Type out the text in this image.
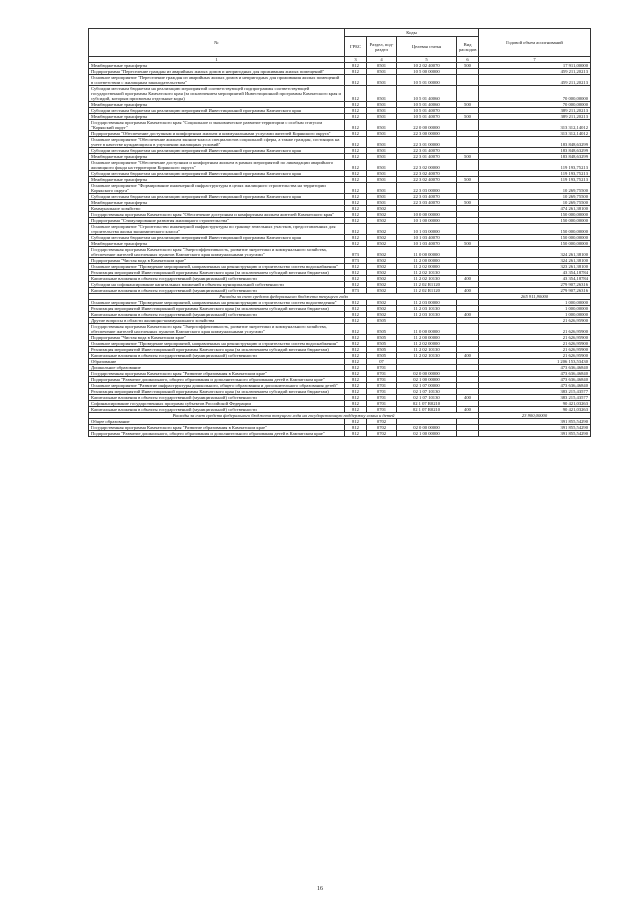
№	Коды				Годовой объем ассигнований
	ГРБС	Раздел, под-раздел	Целевая статья	Вид расходов	
1	3	4	5	6	7
Межбюджетные трансферты	812	0501	10 2 02 40070	500	17 911,00000
Подпрограмма "Переселение граждан из аварийных жилых домов и непригодных для проживания жилых помещений"	812	0501	10 5 00 00000		459 211,20213
Основное мероприятие "Переселение граждан из аварийных жилых домов и непригодных для проживания жилых помещений в соответствии с жилищным законодательством"	812	0501	10 5 01 00000		459 211,20213
Субсидии местным бюджетам на реализацию мероприятий соответствующей подпрограммы соответствующей государственной программы Камчатского края (за исключением мероприятий Инвестиционной программы Камчатского края и субсидий, которым присвоены отдельные коды)	812	0501	10 5 01 40060		70 000,00000
Межбюджетные трансферты	812	0501	10 5 01 40060	500	70 000,00000
Субсидии местным бюджетам на реализацию мероприятий Инвестиционной программы Камчатского края	812	0501	10 5 01 40070		389 211,20213
Межбюджетные трансферты	812	0501	10 5 01 40070	500	389 211,20213
Государственная программа Камчатского края "Социальное и экономическое развитие территории с особым статусом "Корякский округ"	812	0501	22 0 00 00000		313 312,14012
Подпрограмма "Обеспечение доступным и комфортным жильем и коммунальными услугами жителей Корякского округа"	812	0501	22 3 00 00000		313 312,14012
Основное мероприятие "Обеспечение жильем эконом-класса специалистов социальной сферы, а также граждан, состоящих на учете в качестве нуждающихся в улучшении жилищных условий"	812	0501	22 3 01 00000		183 848,63299
Субсидии местным бюджетам на реализацию мероприятий Инвестиционной программы Камчатского края	812	0501	22 3 01 40070		183 848,63299
Межбюджетные трансферты	812	0501	22 3 01 40070	500	183 848,63299
Основное мероприятие "Обеспечение доступным и комфортным жильем в рамках мероприятий по ликвидации аварийного жилищного фонда на территории Корякского округа"	812	0501	22 3 02 00000		119 193,75213
Субсидии местным бюджетам на реализацию мероприятий Инвестиционной программы Камчатского края	812	0501	22 3 02 40070		119 193,75213
Межбюджетные трансферты	812	0501	22 3 02 40070	500	119 193,75213
Основное мероприятие "Формирование инженерной инфраструктуры в целях жилищного строительства на территории Корякского округа"	812	0501	22 3 03 00000		10 269,75500
Субсидии местным бюджетам на реализацию мероприятий Инвестиционной программы Камчатского края	812	0501	22 3 03 40070		10 269,75500
Межбюджетные трансферты	812	0501	22 3 03 40070	500	10 269,75500
Коммунальное хозяйство	812	0502			474 261,38100
Государственная программа Камчатского края "Обеспечение доступным и комфортным жильем жителей Камчатского края"	812	0502	10 0 00 00000		150 000,00000
Подпрограмма "Стимулирование развития жилищного строительства"	812	0502	10 1 00 00000		150 000,00000
Основное мероприятие "Строительство инженерной инфраструктуры по границе земельных участков, предоставленных для строительства жилья экономического класса"	812	0502	10 1 03 00000		150 000,00000
Субсидии местным бюджетам на реализацию мероприятий Инвестиционной программы Камчатского края	812	0502	10 1 03 40070		150 000,00000
Межбюджетные трансферты	812	0502	10 1 03 40070	500	150 000,00000
Государственная программа Камчатского края "Энергоэффективность, развитие энергетики и коммунального хозяйства, обеспечение жителей населенных пунктов Камчатского края коммунальными услугами"	873	0502	11 0 00 00000		324 261,38100
Подпрограмма "Чистая вода в Камчатском крае"	873	0502	11 2 00 00000		324 261,38100
Основное мероприятие "Проведение мероприятий, направленных на реконструкцию и строительство систем водоснабжения"	812	0502	11 2 02 00000		323 261,38100
Реализация мероприятий Инвестиционной программы Камчатского края (за исключением субсидий местным бюджетам)	812	0502	11 2 02 10130		43 354,18784
Капитальные вложения в объекты государственной (муниципальной) собственности	812	0502	11 2 02 10130	400	43 354,18784
Субсидии на софинансирование капитальных вложений в объекты муниципальной собственности	812	0502	11 2 02 R1120		279 907,26316
Капитальные вложения в объекты государственной (муниципальной) собственности	873	0502	11 2 02 R1120	400	279 907,26316
Расходы за счет средств федерального бюджета текущего года					265 911,90000
Основное мероприятие "Проведение мероприятий, направленных на реконструкцию и строительство систем водоотведения"	812	0502	11 2 03 00000		1 000,00000
Реализация мероприятий Инвестиционной программы Камчатского края (за исключением субсидий местным бюджетам)	812	0502	11 2 03 10130		1 000,00000
Капитальные вложения в объекты государственной (муниципальной) собственности	812	0502	11 2 03 10130	400	1 000,00000
Другие вопросы в области жилищно-коммунального хозяйства	812	0505			21 626,95900
Государственная программа Камчатского края "Энергоэффективность, развитие энергетики и коммунального хозяйства, обеспечение жителей населенных пунктов Камчатского края коммунальными услугами"	812	0505	11 0 00 00000		21 626,95900
Подпрограмма "Чистая вода в Камчатском крае"	812	0505	11 2 00 00000		21 626,95900
Основное мероприятие "Проведение мероприятий, направленных на реконструкцию и строительство систем водоснабжения"	812	0505	11 2 02 00000		21 626,95900
Реализация мероприятий Инвестиционной программы Камчатского края (за исключением субсидий местным бюджетам)	812	0505	11 2 02 10130		21 626,95900
Капитальные вложения в объекты государственной (муниципальной) собственности	812	0505	11 2 02 10130	400	21 626,95900
Образование	812	07			1 206 153,53430
Дошкольное образование	812	0701			473 636,46840
Государственная программа Камчатского края "Развитие образования в Камчатском крае"	812	0701	02 0 00 00000		473 636,46840
Подпрограмма "Развитие дошкольного, общего образования и дополнительного образования детей в Камчатском крае"	812	0701	02 1 00 00000		473 636,46840
Основное мероприятие "Развитие инфраструктуры дошкольного, общего образования и дополнительного образования детей"	812	0701	02 1 07 00000		473 636,46840
Реализация мероприятий Инвестиционной программы Камчатского края (за исключением субсидий местным бюджетам)	812	0701	02 1 07 10130		383 215,43577
Капитальные вложения в объекты государственной (муниципальной) собственности	812	0701	02 1 07 10130	400	383 215,43577
Софинансирование государственных программ субъектов Российской Федерации	812	0701	02 1 07 R0210		90 421,03263
Капитальные вложения в объекты государственной (муниципальной) собственности	812	0701	02 1 07 R0210	400	90 421,03263
Расходы за счет средств федерального бюджета текущего года на государственную поддержку семьи и детей					23 900,00000
Общее образование	812	0702			391 855,54290
Государственная программа Камчатского края "Развитие образования в Камчатском крае"	812	0702	02 0 00 00000		391 855,54290
Подпрограмма "Развитие дошкольного, общего образования и дополнительного образования детей в Камчатском крае"	812	0702	02 1 00 00000		391 855,54290
16
